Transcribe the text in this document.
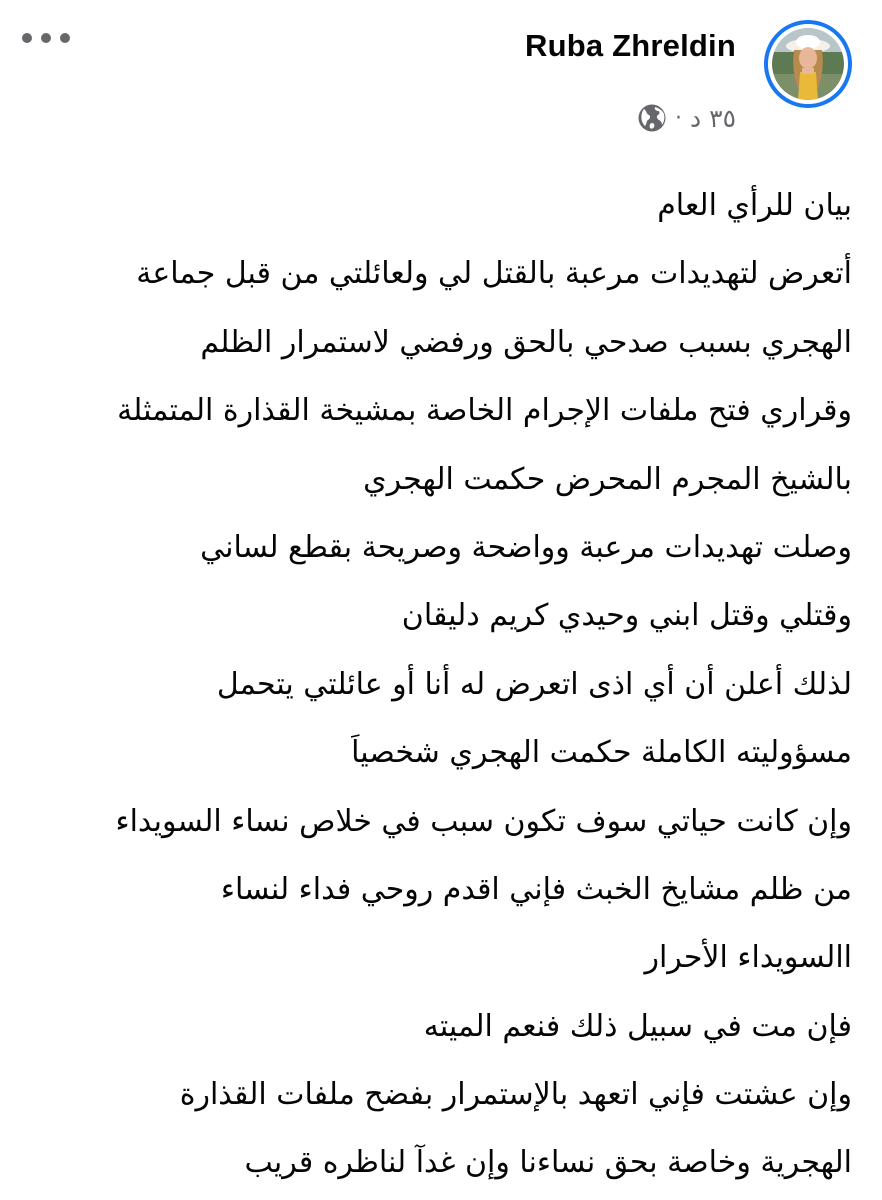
Ruba Zhreldin
٣٥ د
·
بيان للرأي العام
أتعرض لتهديدات مرعبة بالقتل لي ولعائلتي من قبل جماعة
الهجري بسبب صدحي بالحق ورفضي لاستمرار الظلم
وقراري فتح ملفات الإجرام الخاصة بمشيخة القذارة المتمثلة
بالشيخ المجرم المحرض حكمت الهجري
وصلت تهديدات مرعبة وواضحة وصريحة بقطع لساني
وقتلي وقتل ابني وحيدي كريم دليقان
لذلك أعلن أن أي اذى اتعرض له أنا أو عائلتي يتحمل
مسؤوليته الكاملة حكمت الهجري شخصياَ
وإن كانت حياتي سوف تكون سبب في خلاص نساء السويداء
من ظلم مشايخ الخبث فإني اقدم روحي فداء لنساء
االسويداء الأحرار
فإن مت في سبيل ذلك فنعم الميته
وإن عشتت فإني اتعهد بالإستمرار بفضح ملفات القذارة
الهجرية وخاصة بحق نساءنا وإن غدآ لناظره قريب
